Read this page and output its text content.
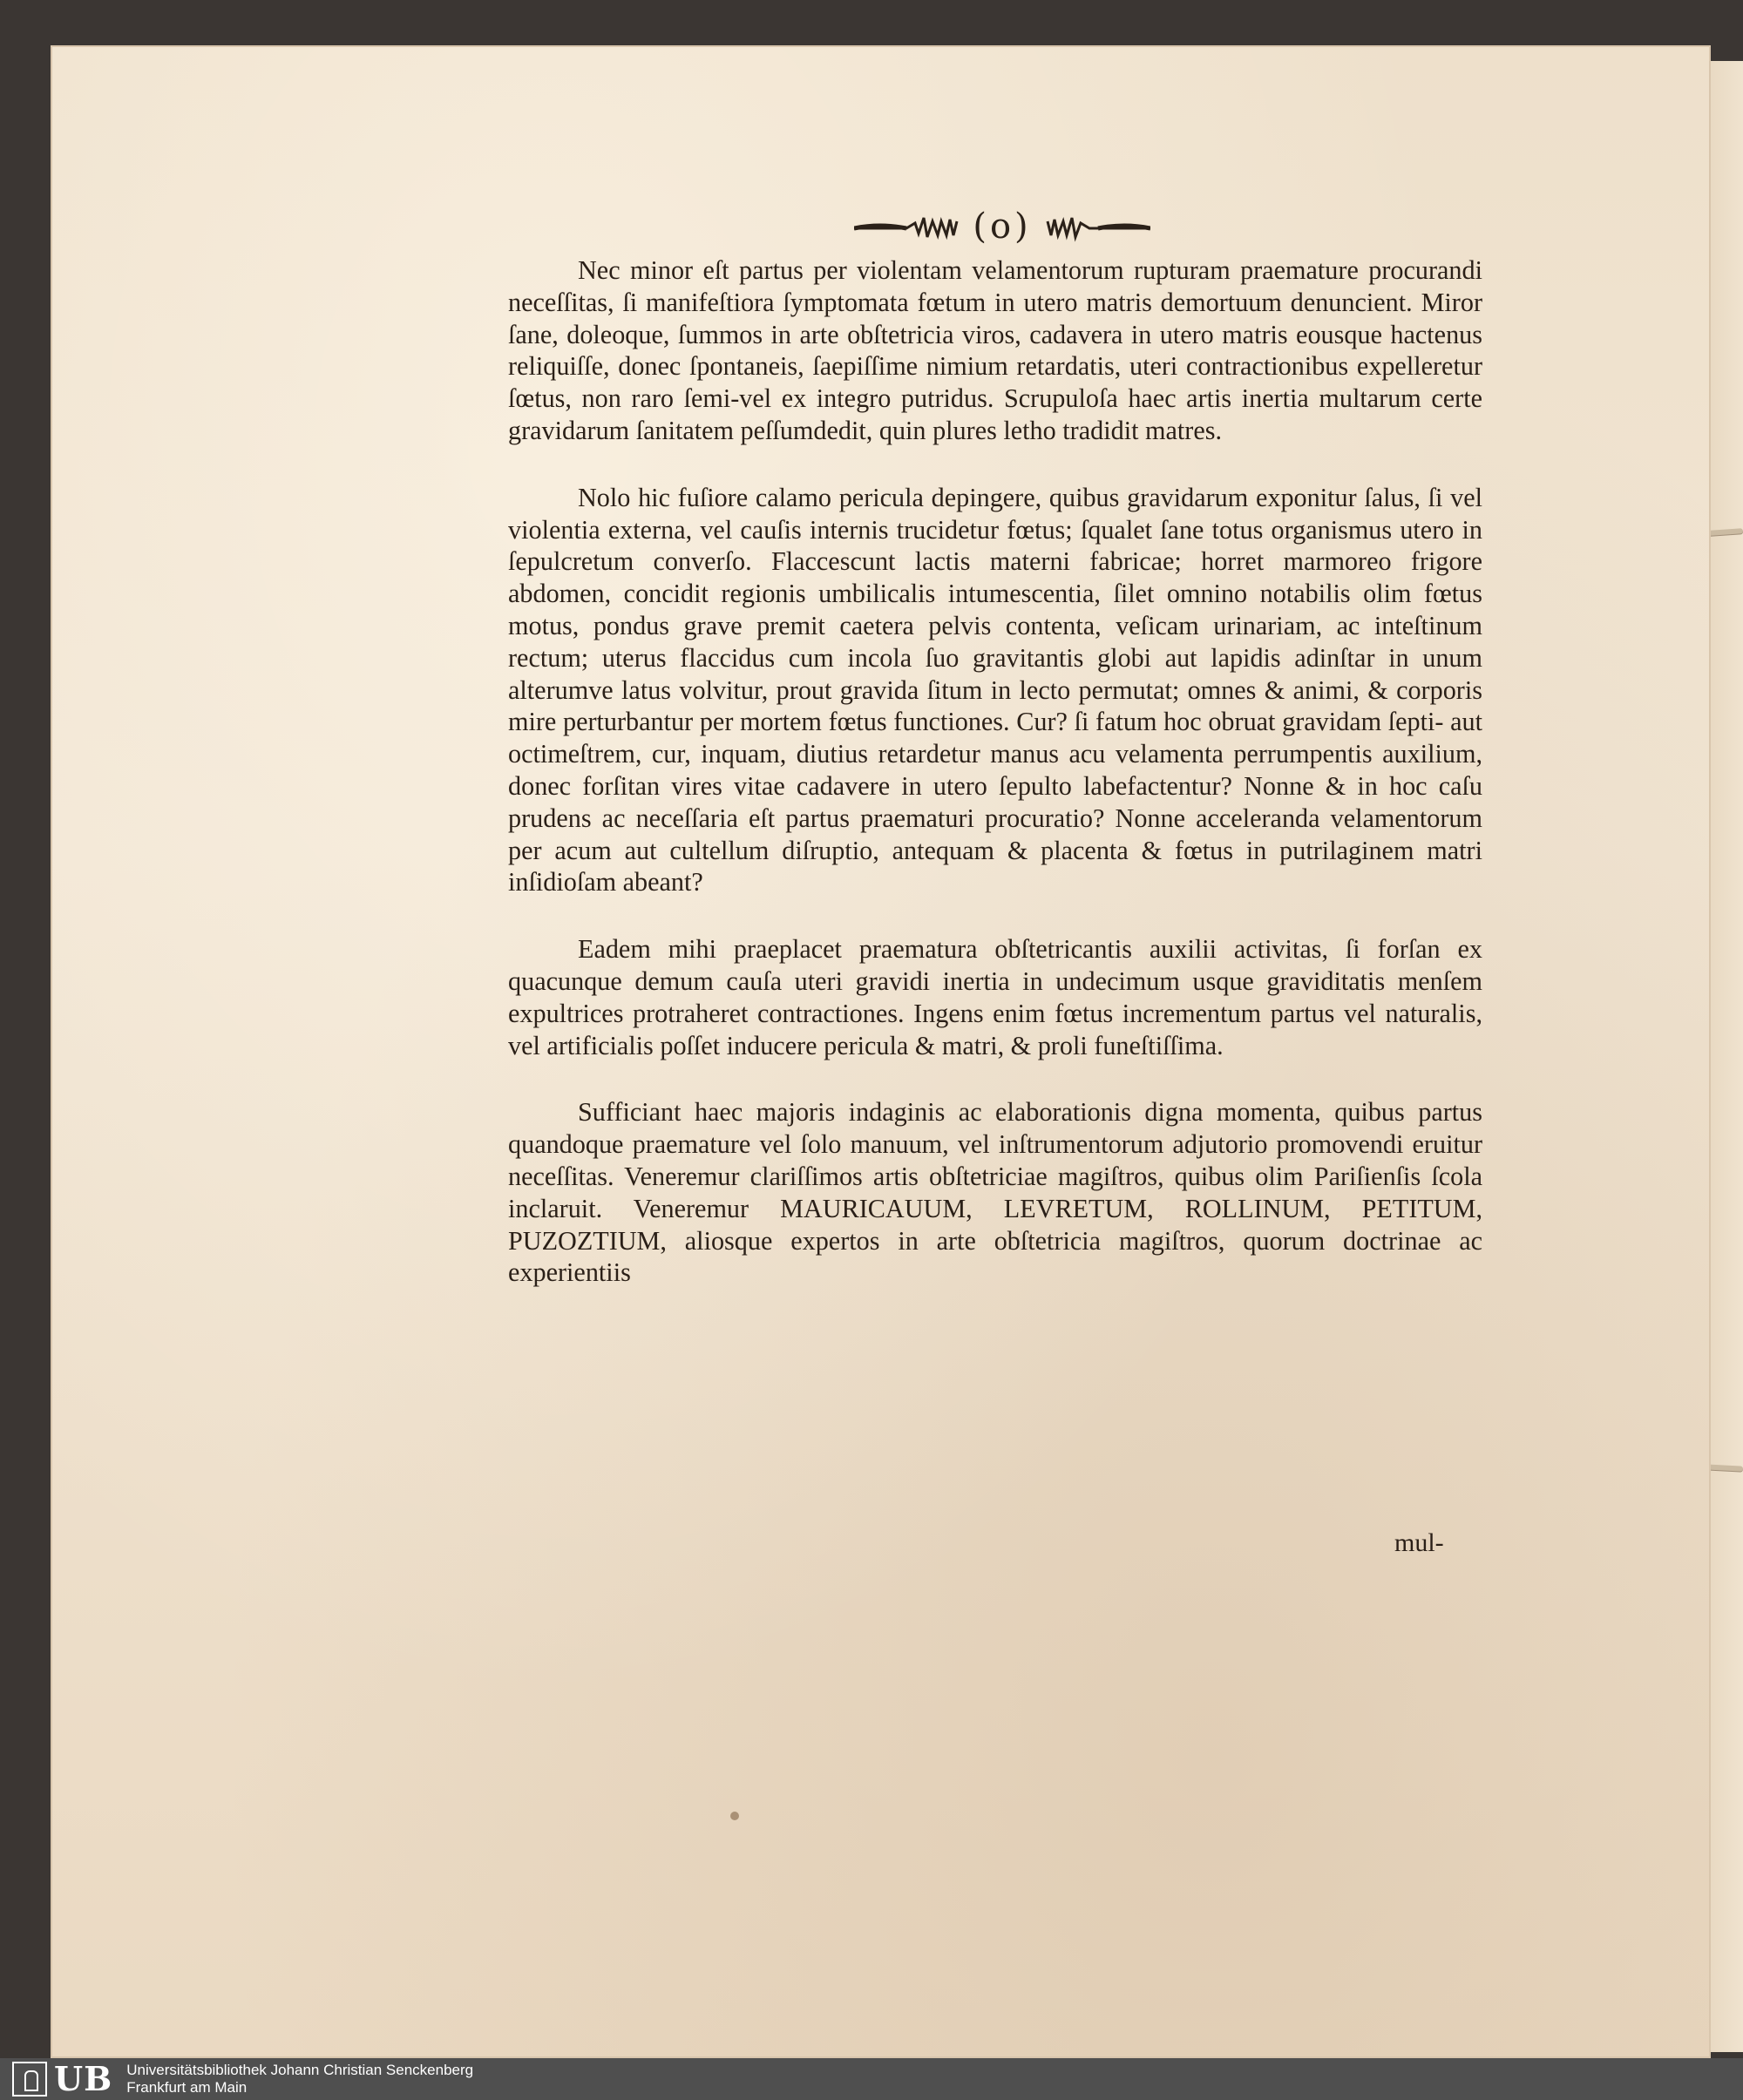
(o)
Nec minor eſt partus per violentam velamentorum rupturam praemature procurandi neceſſitas, ſi manifeſtiora ſymptomata fœtum in utero matris demortuum denuncient. Miror ſane, doleoque, ſummos in arte obſtetricia viros, cadavera in utero matris eousque hactenus reliquiſſe, donec ſpontaneis, ſaepiſſime nimium retardatis, uteri contractionibus expelleretur ſœtus, non raro ſemi-vel ex integro putridus. Scrupuloſa haec artis inertia multarum certe gravidarum ſanitatem peſſumdedit, quin plures letho tradidit matres.
Nolo hic fuſiore calamo pericula depingere, quibus gravidarum exponitur ſalus, ſi vel violentia externa, vel cauſis internis trucidetur fœtus; ſqualet ſane totus organismus utero in ſepulcretum converſo. Flaccescunt lactis materni fabricae; horret marmoreo frigore abdomen, concidit regionis umbilicalis intumescentia, ſilet omnino notabilis olim fœtus motus, pondus grave premit caetera pelvis contenta, veſicam urinariam, ac inteſtinum rectum; uterus flaccidus cum incola ſuo gravitantis globi aut lapidis adinſtar in unum alterumve latus volvitur, prout gravida ſitum in lecto permutat; omnes & animi, & corporis mire perturbantur per mortem fœtus functiones. Cur? ſi fatum hoc obruat gravidam ſepti- aut octimeſtrem, cur, inquam, diutius retardetur manus acu velamenta perrumpentis auxilium, donec forſitan vires vitae cadavere in utero ſepulto labefactentur? Nonne & in hoc caſu prudens ac neceſſaria eſt partus praematuri procuratio? Nonne acceleranda velamentorum per acum aut cultellum diſruptio, antequam & placenta & fœtus in putrilaginem matri inſidioſam abeant?
Eadem mihi praeplacet praematura obſtetricantis auxilii activitas, ſi forſan ex quacunque demum cauſa uteri gravidi inertia in undecimum usque graviditatis menſem expultrices protraheret contractiones. Ingens enim fœtus incrementum partus vel naturalis, vel artificialis poſſet inducere pericula & matri, & proli funeſtiſſima.
Sufficiant haec majoris indaginis ac elaborationis digna momenta, quibus partus quandoque praemature vel ſolo manuum, vel inſtrumentorum adjutorio promovendi eruitur neceſſitas. Veneremur clariſſimos artis obſtetriciae magiſtros, quibus olim Pariſienſis ſcola inclaruit. Veneremur MAURICAUUM, LEVRETUM, ROLLINUM, PETITUM, PUZOZTIUM, aliosque expertos in arte obſtetricia magiſtros, quorum doctrinae ac experientiis
mul-
UB Universitätsbibliothek Johann Christian Senckenberg
Frankfurt am Main
